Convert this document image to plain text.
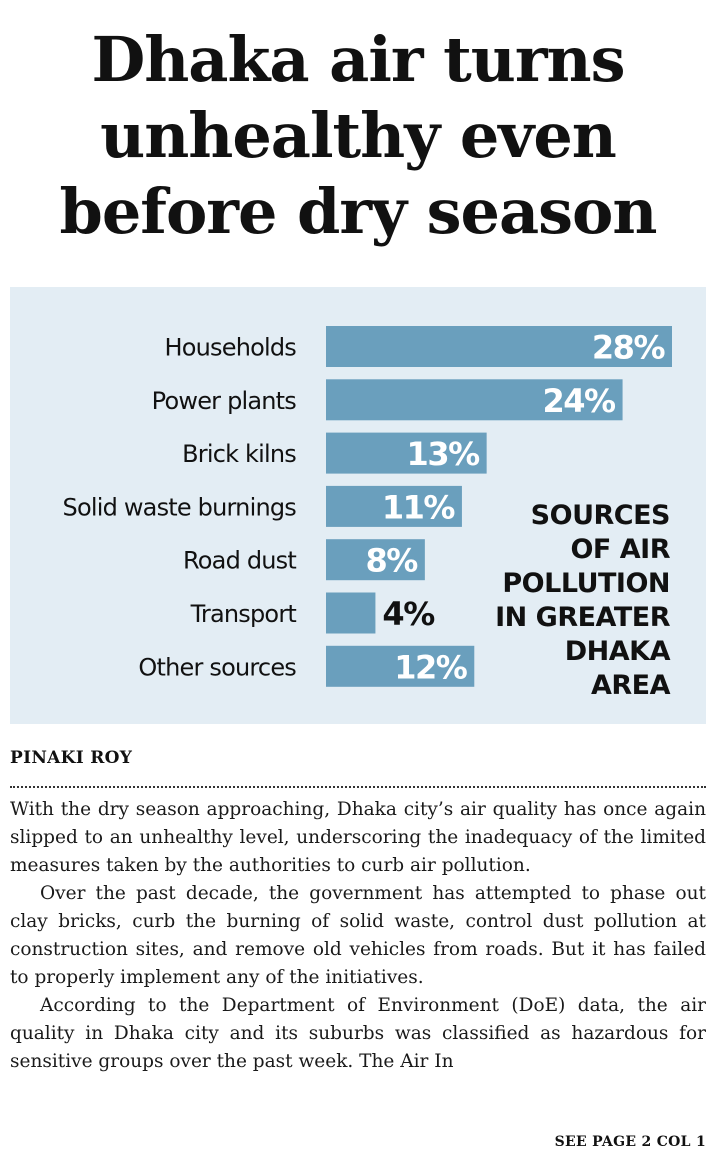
Dhaka air turns
unhealthy even
before dry season
Households	28%
Power plants	24%
Brick kilns	13%
Solid waste burnings	11%
Road dust 8%
Transport	4%
Other sources	12%
SOURCES
OF AIR
POLLUTION
IN GREATER
DHAKA
AREA
PINAKI ROY

With the dry season approaching, Dhaka city’s air quality has once again slipped to an unhealthy level, underscoring the inadequacy of the limited measures taken by the authorities to curb air pollution.

Over the past decade, the government has attempted to phase out clay bricks, curb the burning of solid waste, control dust pollution at construction sites, and remove old vehicles from roads. But it has failed to properly implement any of the initiatives.

According to the Department of Environment (DoE) data, the air quality in Dhaka city and its suburbs was classified as hazardous for sensitive groups over the past week. The Air In

SEE PAGE 2 COL 1
